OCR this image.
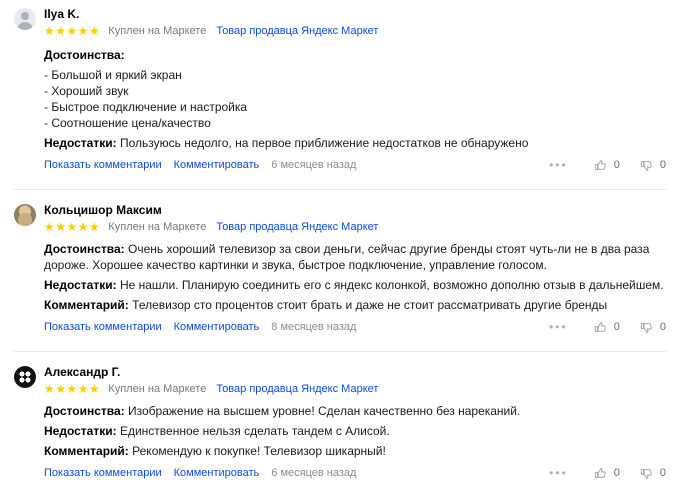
Ilya K.
★★★★★ Куплен на Маркете Товар продавца Яндекс Маркет
Достоинства:
- Большой и яркий экран
- Хороший звук
- Быстрое подключение и настройка
- Соотношение цена/качество
Недостатки: Пользуюсь недолго, на первое приближение недостатков не обнаружено
Показать комментарии Комментировать 6 месяцев назад	•••	0	0
Кольцишор Максим
★★★★★ Куплен на Маркете Товар продавца Яндекс Маркет
Достоинства: Очень хороший телевизор за свои деньги, сейчас другие бренды стоят чуть-ли не в два раза дороже. Хорошее качество картинки и звука, быстрое подключение, управление голосом.
Недостатки: Не нашли. Планирую соединить его с яндекс колонкой, возможно дополню отзыв в дальнейшем.
Комментарий: Телевизор сто процентов стоит брать и даже не стоит рассматривать другие бренды
Показать комментарии Комментировать 8 месяцев назад	•••	0	0
Александр Г.
★★★★★ Куплен на Маркете Товар продавца Яндекс Маркет
Достоинства: Изображение на высшем уровне! Сделан качественно без нареканий.
Недостатки: Единственное нельзя сделать тандем с Алисой.
Комментарий: Рекомендую к покупке! Телевизор шикарный!
Показать комментарии Комментировать 6 месяцев назад	•••	0	0
